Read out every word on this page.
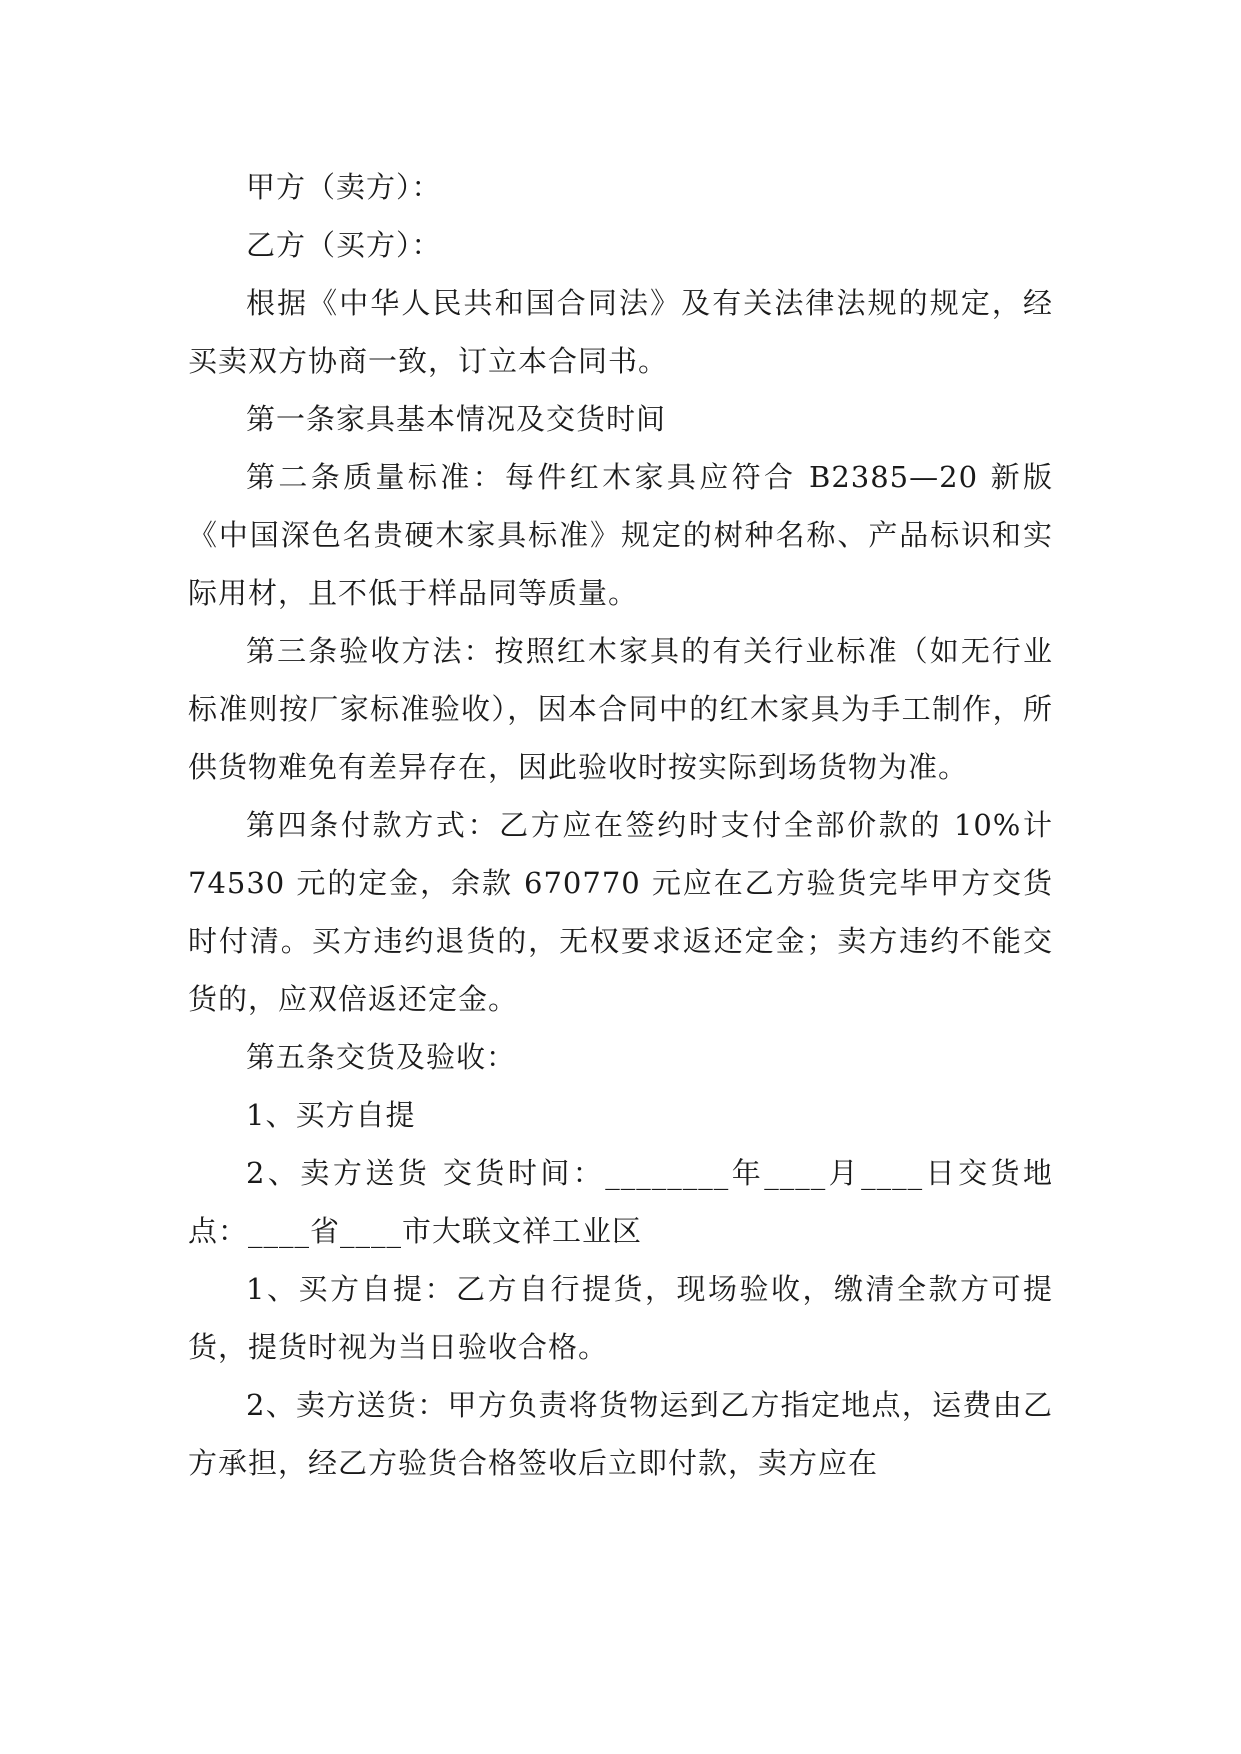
甲方（卖方）：

乙方（买方）：

根据《中华人民共和国合同法》及有关法律法规的规定，经买卖双方协商一致，订立本合同书。

第一条家具基本情况及交货时间

第二条质量标准：每件红木家具应符合 B2385—20 新版《中国深色名贵硬木家具标准》规定的树种名称、产品标识和实际用材，且不低于样品同等质量。

第三条验收方法：按照红木家具的有关行业标准（如无行业标准则按厂家标准验收），因本合同中的红木家具为手工制作，所供货物难免有差异存在，因此验收时按实际到场货物为准。

第四条付款方式：乙方应在签约时支付全部价款的 10%计 74530 元的定金，余款 670770 元应在乙方验货完毕甲方交货时付清。买方违约退货的，无权要求返还定金；卖方违约不能交货的，应双倍返还定金。

第五条交货及验收：

1、买方自提

2、卖方送货 交货时间：________年____月____日交货地点：____省____市大联文祥工业区

1、买方自提：乙方自行提货，现场验收，缴清全款方可提货，提货时视为当日验收合格。

2、卖方送货：甲方负责将货物运到乙方指定地点，运费由乙方承担，经乙方验货合格签收后立即付款，卖方应在
